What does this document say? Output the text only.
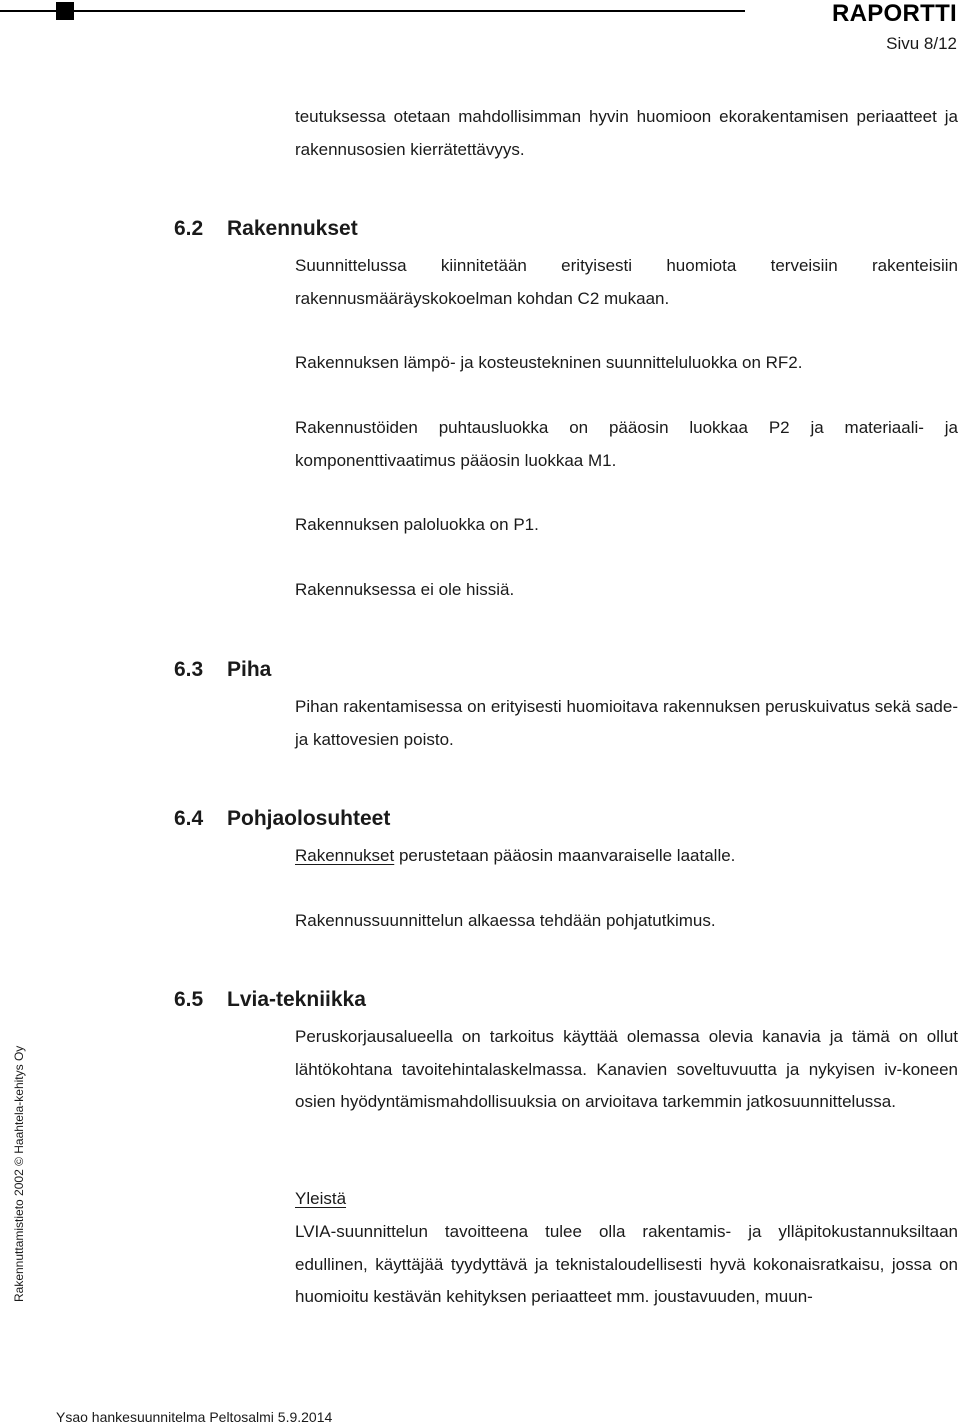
RAPORTTI
Sivu 8/12

teutuksessa otetaan mahdollisimman hyvin huomioon ekorakentamisen periaatteet ja rakennusosien kierrätettävyys.

6.2 Rakennukset

Suunnittelussa kiinnitetään erityisesti huomiota terveisiin rakenteisiin rakennusmääräyskokoelman kohdan C2 mukaan.

Rakennuksen lämpö- ja kosteustekninen suunnitteluluokka on RF2.

Rakennustöiden puhtausluokka on pääosin luokkaa P2 ja materiaali- ja komponenttivaatimus pääosin luokkaa M1.

Rakennuksen paloluokka on P1.

Rakennuksessa ei ole hissiä.

6.3 Piha

Pihan rakentamisessa on erityisesti huomioitava rakennuksen peruskuivatus sekä sade- ja kattovesien poisto.

6.4 Pohjaolosuhteet

Rakennukset perustetaan pääosin maanvaraiselle laatalle.

Rakennussuunnittelun alkaessa tehdään pohjatutkimus.

6.5 Lvia-tekniikka

Peruskorjausalueella on tarkoitus käyttää olemassa olevia kanavia ja tämä on ollut lähtökohtana tavoitehintalaskelmassa. Kanavien soveltuvuutta ja nykyisen iv-koneen osien hyödyntämismahdollisuuksia on arvioitava tarkemmin jatkosuunnittelussa.

Yleistä

LVIA-suunnittelun tavoitteena tulee olla rakentamis- ja ylläpitokustannuksiltaan edullinen, käyttäjää tyydyttävä ja teknistaloudellisesti hyvä kokonaisratkaisu, jossa on huomioitu kestävän kehityksen periaatteet mm. joustavuuden, muun-

Rakennuttamistieto 2002 © Haahtela-kehitys Oy
Ysao hankesuunnitelma Peltosalmi 5.9.2014
